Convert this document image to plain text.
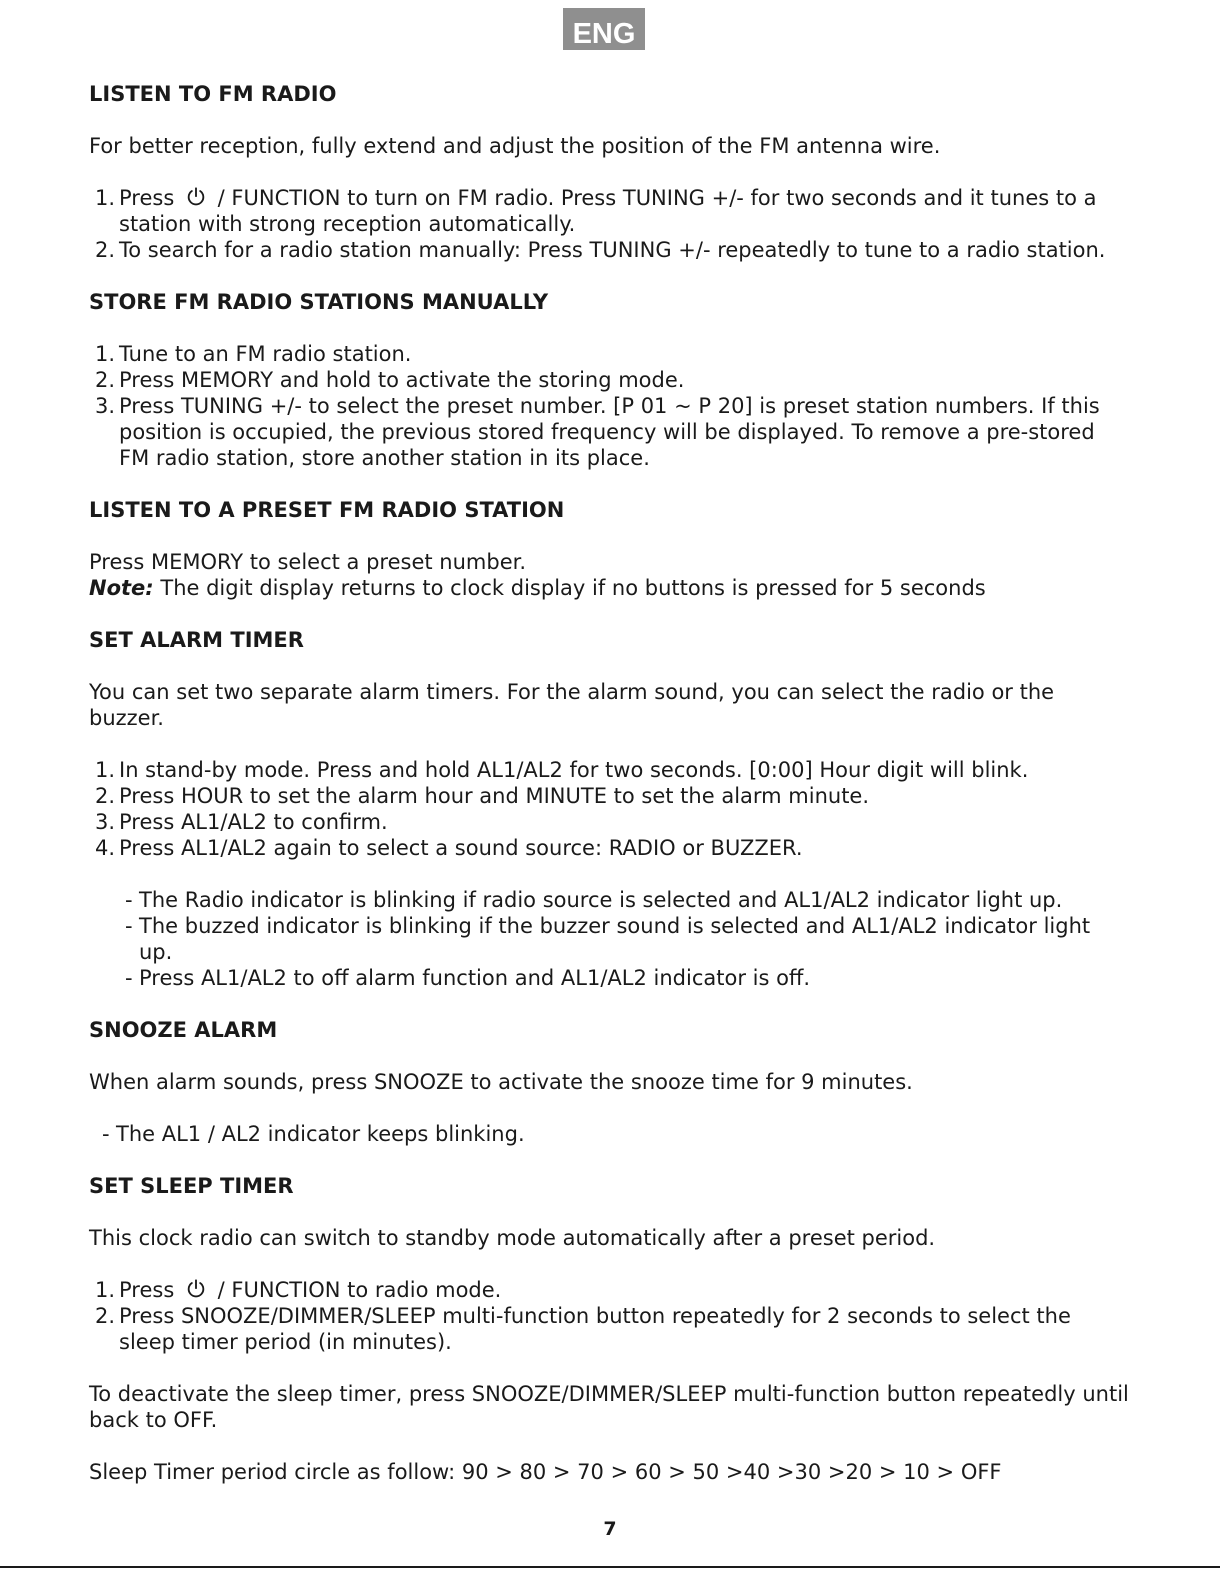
ENG
LISTEN TO FM RADIO
For better reception, fully extend and adjust the position of the FM antenna wire.
1. Press / FUNCTION to turn on FM radio. Press TUNING +/- for two seconds and it tunes to a station with strong reception automatically.
2. To search for a radio station manually: Press TUNING +/- repeatedly to tune to a radio station.
STORE FM RADIO STATIONS MANUALLY
1. Tune to an FM radio station.
2. Press MEMORY and hold to activate the storing mode.
3. Press TUNING +/- to select the preset number. [P 01 ~ P 20] is preset station numbers. If this position is occupied, the previous stored frequency will be displayed. To remove a pre-stored FM radio station, store another station in its place.
LISTEN TO A PRESET FM RADIO STATION
Press MEMORY to select a preset number.
Note: The digit display returns to clock display if no buttons is pressed for 5 seconds
SET ALARM TIMER
You can set two separate alarm timers. For the alarm sound, you can select the radio or the buzzer.
1. In stand-by mode. Press and hold AL1/AL2 for two seconds. [0:00] Hour digit will blink.
2. Press HOUR to set the alarm hour and MINUTE to set the alarm minute.
3. Press AL1/AL2 to confirm.
4. Press AL1/AL2 again to select a sound source: RADIO or BUZZER.
- The Radio indicator is blinking if radio source is selected and AL1/AL2 indicator light up.
- The buzzed indicator is blinking if the buzzer sound is selected and AL1/AL2 indicator light up.
- Press AL1/AL2 to off alarm function and AL1/AL2 indicator is off.
SNOOZE ALARM
When alarm sounds, press SNOOZE to activate the snooze time for 9 minutes.
- The AL1 / AL2 indicator keeps blinking.
SET SLEEP TIMER
This clock radio can switch to standby mode automatically after a preset period.
1. Press / FUNCTION to radio mode.
2. Press SNOOZE/DIMMER/SLEEP multi-function button repeatedly for 2 seconds to select the sleep timer period (in minutes).
To deactivate the sleep timer, press SNOOZE/DIMMER/SLEEP multi-function button repeatedly until back to OFF.
Sleep Timer period circle as follow: 90 > 80 > 70 > 60 > 50 >40 >30 >20 > 10 > OFF
7
